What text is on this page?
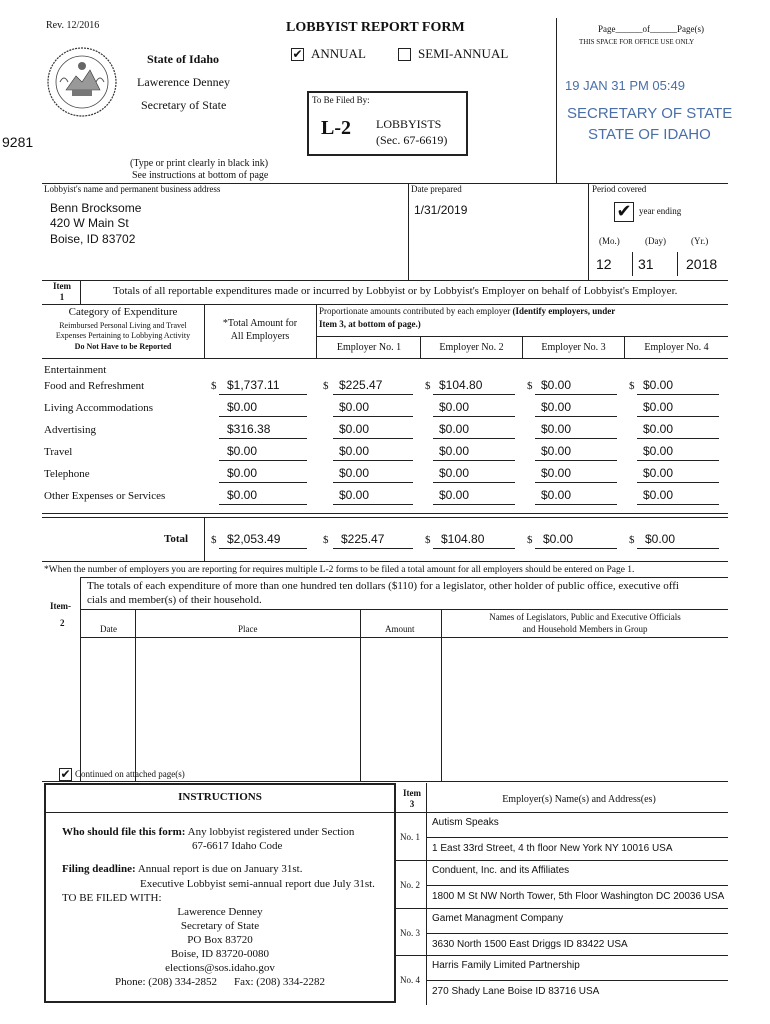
Rev. 12/2016	LOBBYIST REPORT FORM
✔ ANNUAL	SEMI-ANNUAL
State of Idaho
Lawerence Denney
Secretary of State	To Be Filed By:
L-2 LOBBYISTS
(Sec. 67-6619)
9281
(Type or print clearly in black ink)
See instructions at bottom of page
Page______of______Page(s)
THIS SPACE FOR OFFICE USE ONLY
19 JAN 31 PM 05:49
SECRETARY OF STATE
STATE OF IDAHO
Lobbyist's name and permanent business address
Benn Brocksome
420 W Main St
Boise, ID 83702
Date prepared
1/31/2019
Period covered
✔ year ending
(Mo.)	(Day)	(Yr.)
12 31 2018
Item
1	Totals of all reportable expenditures made or incurred by Lobbyist or by Lobbyist's Employer on behalf of Lobbyist's Employer.
Category of Expenditure
Reimbursed Personal Living and Travel
Expenses Pertaining to Lobbying Activity
Do Not Have to be Reported
*Total Amount for
All Employers
Proportionate amounts contributed by each employer (Identify employers, under
Item 3, at bottom of page.)
Employer No. 1	Employer No. 2	Employer No. 3	Employer No. 4
Entertainment
Food and Refreshment	$ $1,737.11	$ $225.47	$ $104.80	$ $0.00	$ $0.00
Living Accommodations	$0.00	$0.00	$0.00	$0.00	$0.00
Advertising	$316.38	$0.00	$0.00	$0.00	$0.00
Travel	$0.00	$0.00	$0.00	$0.00	$0.00
Telephone	$0.00	$0.00	$0.00	$0.00	$0.00
Other Expenses or Services	$0.00	$0.00	$0.00	$0.00	$0.00
Total $ $2,053.49	$ $225.47	$ $104.80	$ $0.00	$ $0.00
*When the number of employers you are reporting for requires multiple L-2 forms to be filed a total amount for all employers should be entered on Page 1.
The totals of each expenditure of more than one hundred ten dollars ($110) for a legislator, other holder of public office, executive offi
cials and member(s) of their household.
Item-
2
Date	Place	Amount
Names of Legislators, Public and Executive Officials
and Household Members in Group
✔ Continued on attached page(s)
INSTRUCTIONS
Who should file this form: Any lobbyist registered under Section
67-6617 Idaho Code
Filing deadline: Annual report is due on January 31st.
Executive Lobbyist semi-annual report due July 31st.
TO BE FILED WITH:
Lawerence Denney
Secretary of State
PO Box 83720
Boise, ID 83720-0080
elections@sos.idaho.gov
Phone: (208) 334-2852 Fax: (208) 334-2282
Item
3	Employer(s) Name(s) and Address(es)
No. 1
Autism Speaks
1 East 33rd Street, 4 th floor New York NY 10016 USA
No. 2
Conduent, Inc. and its Affiliates
1800 M St NW North Tower, 5th Floor Washington DC 20036 USA
No. 3
Gamet Managment Company
3630 North 1500 East Driggs ID 83422 USA
No. 4
Harris Family Limited Partnership
270 Shady Lane Boise ID 83716 USA
